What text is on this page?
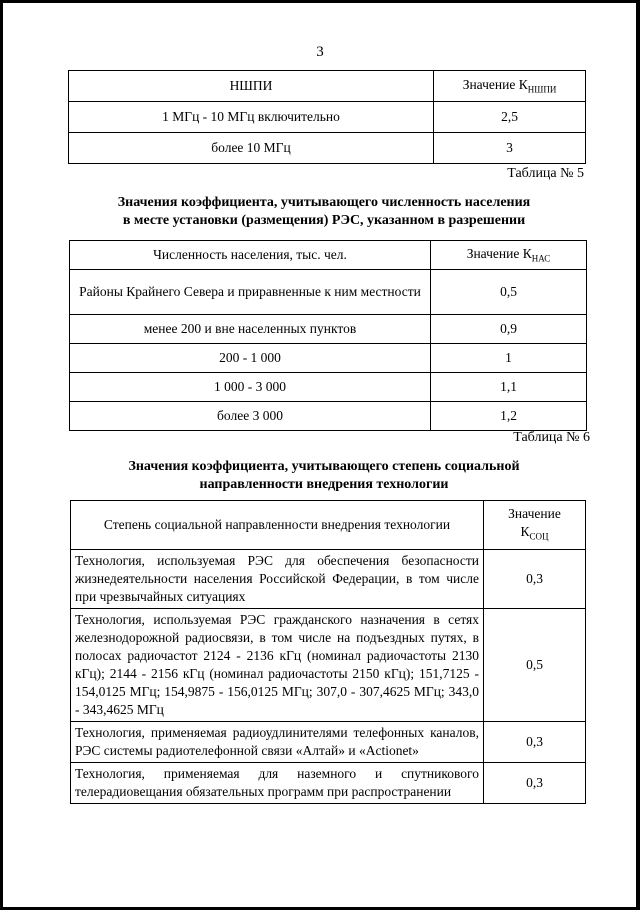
3
НШПИ	Значение $К_{НШПИ}$
1 МГц - 10 МГц включительно	2,5
более 10 МГц	3
Таблица № 5
Значения коэффициента, учитывающего численность населения
в месте установки (размещения) РЭС, указанном в разрешении
Численность населения, тыс. чел.	Значение $К_{НАС}$
Районы Крайнего Севера и приравненные к ним местности	0,5
менее 200 и вне населенных пунктов	0,9
200 - 1 000	1
1 000 - 3 000	1,1
более 3 000	1,2
Таблица № 6
Значения коэффициента, учитывающего степень социальной
направленности внедрения технологии
Степень социальной направленности внедрения технологии	Значение
$К_{СОЦ}$

Технология, используемая РЭС для обеспечения безопасности жизнедеятельности населения Российской Федерации, в том числе при чрезвычайных ситуациях	0,3
Технология, используемая РЭС гражданского назначения в сетях железнодорожной радиосвязи, в том числе на подъездных путях, в полосах радиочастот 2124 - 2136 кГц (номинал радиочастоты 2130 кГц); 2144 - 2156 кГц (номинал радиочастоты 2150 кГц); 151,7125 - 154,0125 МГц; 154,9875 - 156,0125 МГц; 307,0 - 307,4625 МГц; 343,0 - 343,4625 МГц	0,5
Технология, применяемая радиоудлинителями телефонных каналов, РЭС системы радиотелефонной связи «Алтай» и «Actionet»	0,3
Технология, применяемая для наземного и спутникового телерадиовещания обязательных программ при распространении	0,3
